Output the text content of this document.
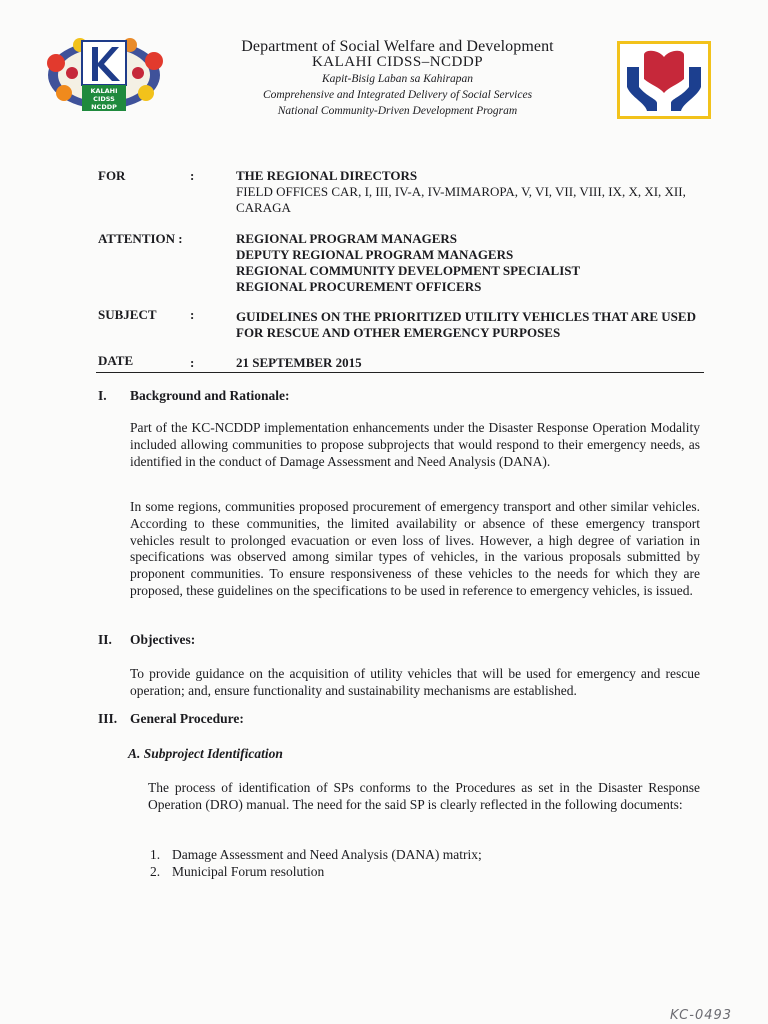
KALAHI
CIDSS
NCDDP
Department of Social Welfare and Development
KALAHI CIDSS–NCDDP
Kapit-Bisig Laban sa Kahirapan
Comprehensive and Integrated Delivery of Social Services
National Community-Driven Development Program
FOR	:	THE REGIONAL DIRECTORS
FIELD OFFICES CAR, I, III, IV-A, IV-MIMAROPA, V, VI, VII, VIII, IX, X, XI, XII, CARAGA
ATTENTION :	REGIONAL PROGRAM MANAGERS
DEPUTY REGIONAL PROGRAM MANAGERS
REGIONAL COMMUNITY DEVELOPMENT SPECIALIST
REGIONAL PROCUREMENT OFFICERS
SUBJECT	:	GUIDELINES ON THE PRIORITIZED UTILITY VEHICLES THAT ARE USED FOR RESCUE AND OTHER EMERGENCY PURPOSES
DATE	:	21 SEPTEMBER 2015
I. Background and Rationale:
Part of the KC-NCDDP implementation enhancements under the Disaster Response Operation Modality included allowing communities to propose subprojects that would respond to their emergency needs, as identified in the conduct of Damage Assessment and Need Analysis (DANA).
In some regions, communities proposed procurement of emergency transport and other similar vehicles. According to these communities, the limited availability or absence of these emergency transport vehicles result to prolonged evacuation or even loss of lives. However, a high degree of variation in specifications was observed among similar types of vehicles, in the various proposals submitted by proponent communities. To ensure responsiveness of these vehicles to the needs for which they are proposed, these guidelines on the specifications to be used in reference to emergency vehicles, is issued.
II. Objectives:
To provide guidance on the acquisition of utility vehicles that will be used for emergency and rescue operation; and, ensure functionality and sustainability mechanisms are established.
III. General Procedure:
A. Subproject Identification
The process of identification of SPs conforms to the Procedures as set in the Disaster Response Operation (DRO) manual. The need for the said SP is clearly reflected in the following documents:
1. Damage Assessment and Need Analysis (DANA) matrix;
2. Municipal Forum resolution
KC-0493
